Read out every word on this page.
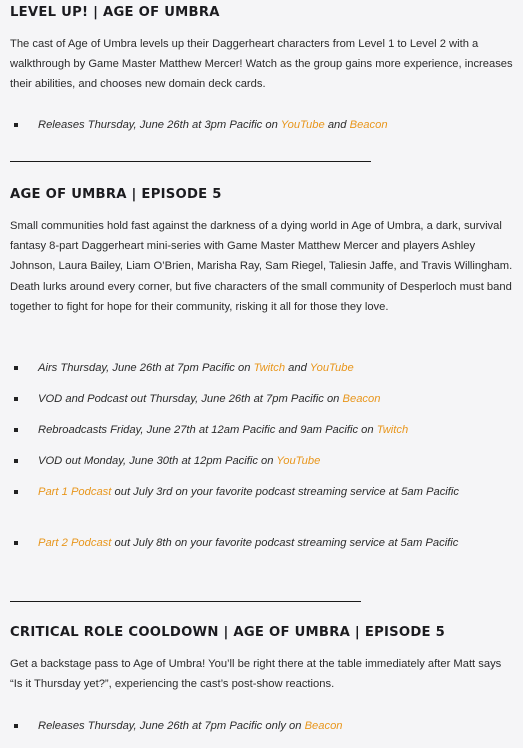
LEVEL UP! | AGE OF UMBRA

The cast of Age of Umbra levels up their Daggerheart characters from Level 1 to Level 2 with a walkthrough by Game Master Matthew Mercer! Watch as the group gains more experience, increases their abilities, and chooses new domain deck cards.

Releases Thursday, June 26th at 3pm Pacific on YouTube and Beacon
AGE OF UMBRA | EPISODE 5

Small communities hold fast against the darkness of a dying world in Age of Umbra, a dark, survival fantasy 8-part Daggerheart mini-series with Game Master Matthew Mercer and players Ashley Johnson, Laura Bailey, Liam O’Brien, Marisha Ray, Sam Riegel, Taliesin Jaffe, and Travis Willingham. Death lurks around every corner, but five characters of the small community of Desperloch must band together to fight for hope for their community, risking it all for those they love.

Airs Thursday, June 26th at 7pm Pacific on Twitch and YouTube
VOD and Podcast out Thursday, June 26th at 7pm Pacific on Beacon
Rebroadcasts Friday, June 27th at 12am Pacific and 9am Pacific on Twitch
VOD out Monday, June 30th at 12pm Pacific on YouTube
Part 1 Podcast out July 3rd on your favorite podcast streaming service at 5am Pacific
Part 2 Podcast out July 8th on your favorite podcast streaming service at 5am Pacific
CRITICAL ROLE COOLDOWN | AGE OF UMBRA | EPISODE 5

Get a backstage pass to Age of Umbra! You’ll be right there at the table immediately after Matt says “Is it Thursday yet?”, experiencing the cast’s post-show reactions.

Releases Thursday, June 26th at 7pm Pacific only on Beacon
